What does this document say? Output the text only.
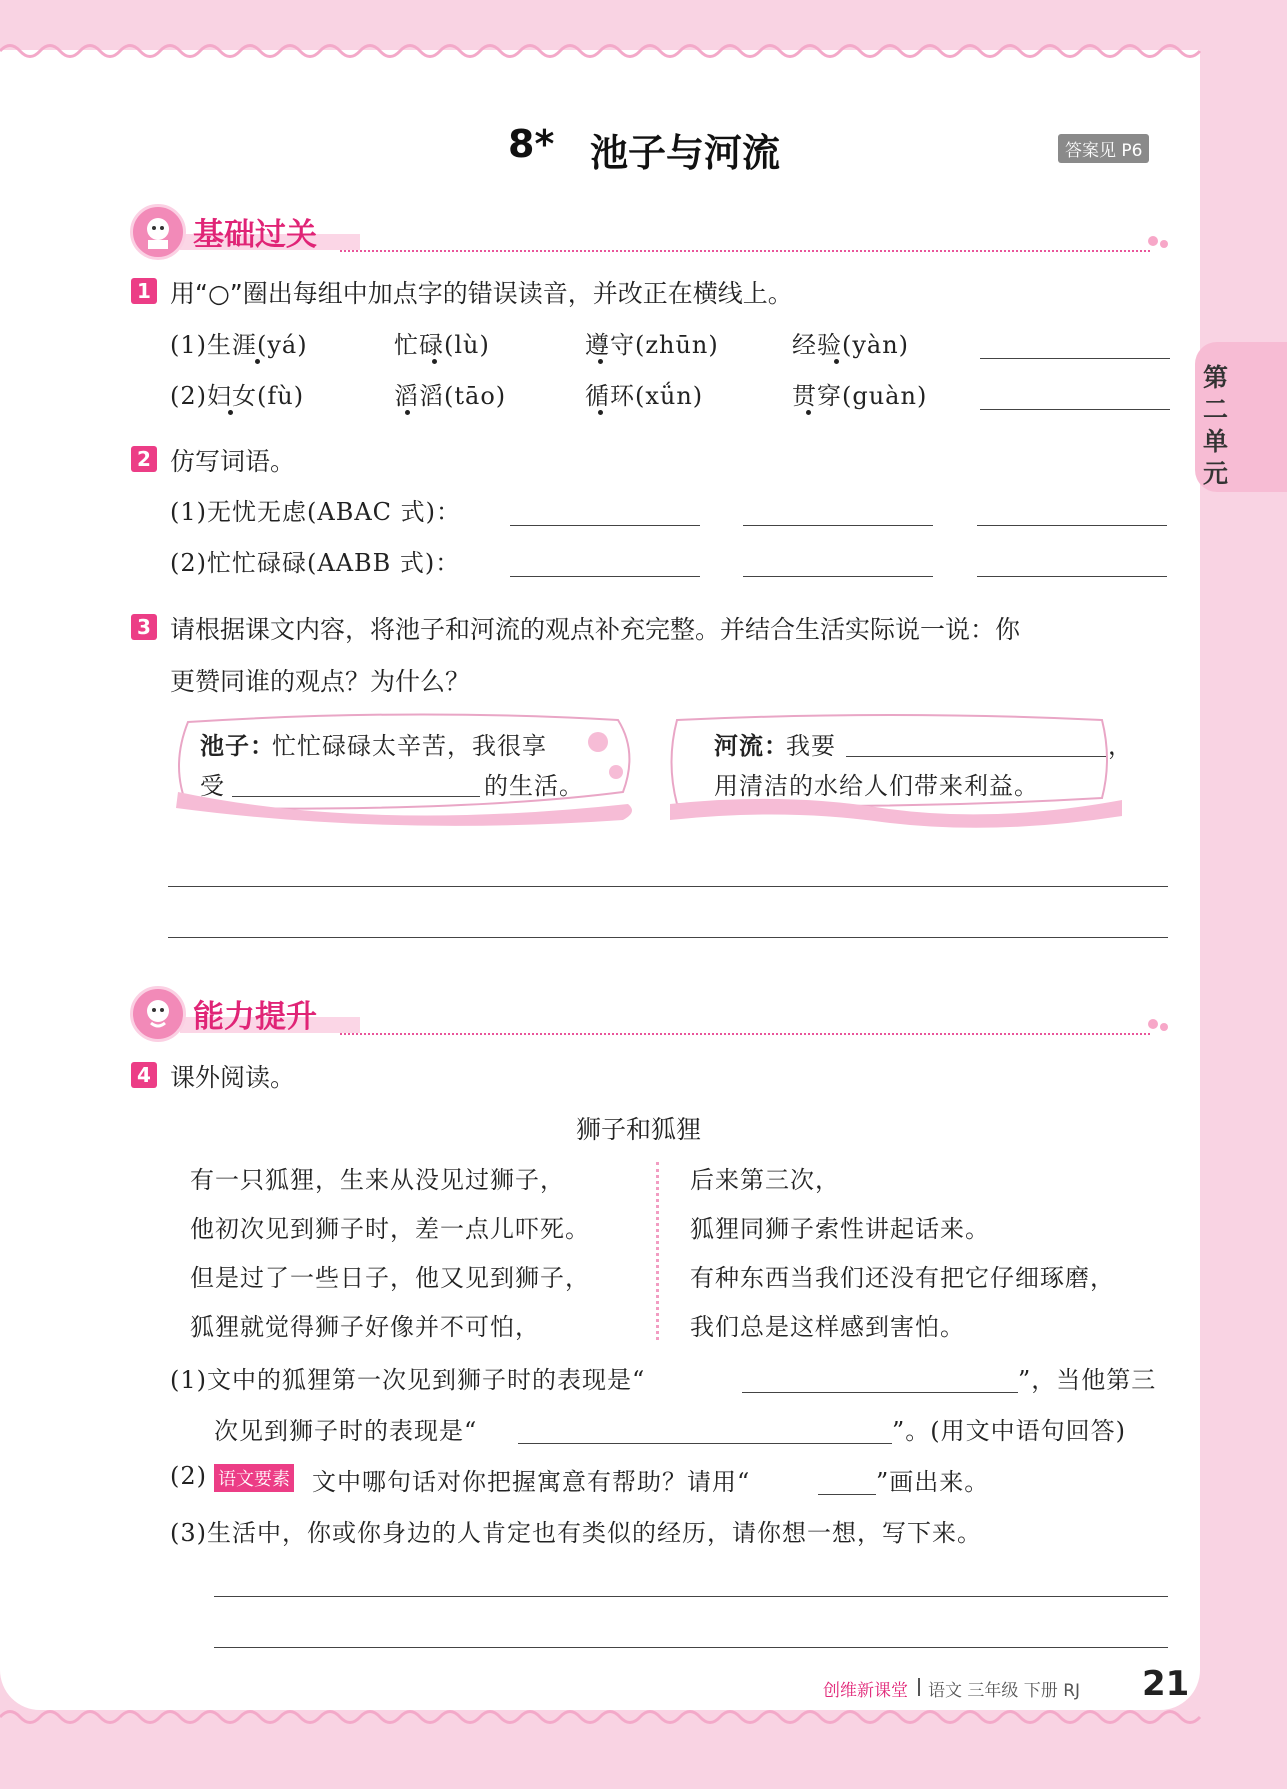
第二单元
8* 池子与河流	答案见 P6
基础过关
1 用“○”圈出每组中加点字的错误读音，并改正在横线上。
(1)生涯(yá)	忙碌(lù)	遵守(zhūn)	经验(yàn)
(2)妇女(fù)	滔滔(tāo)	循环(xǘn)	贯穿(guàn)
2 仿写词语。
(1)无忧无虑(ABAC 式)：
(2)忙忙碌碌(AABB 式)：
3 请根据课文内容，将池子和河流的观点补充完整。并结合生活实际说一说：你
更赞同谁的观点？为什么？
池子：
忙忙碌碌太辛苦，我很享
受	的生活。
河流：
我要	，
用清洁的水给人们带来利益。
能力提升
4 课外阅读。
狮子和狐狸
有一只狐狸，生来从没见过狮子，
他初次见到狮子时，差一点儿吓死。
但是过了一些日子，他又见到狮子，
狐狸就觉得狮子好像并不可怕，
后来第三次，
狐狸同狮子索性讲起话来。
有种东西当我们还没有把它仔细琢磨，
我们总是这样感到害怕。
(1)文中的狐狸第一次见到狮子时的表现是“	”，当他第三
次见到狮子时的表现是“	”。(用文中语句回答)
(2) 语文要素 文中哪句话对你把握寓意有帮助？请用“	”画出来。
(3)生活中，你或你身边的人肯定也有类似的经历，请你想一想，写下来。
创维新课堂 语文 三年级 下册 RJ 21
